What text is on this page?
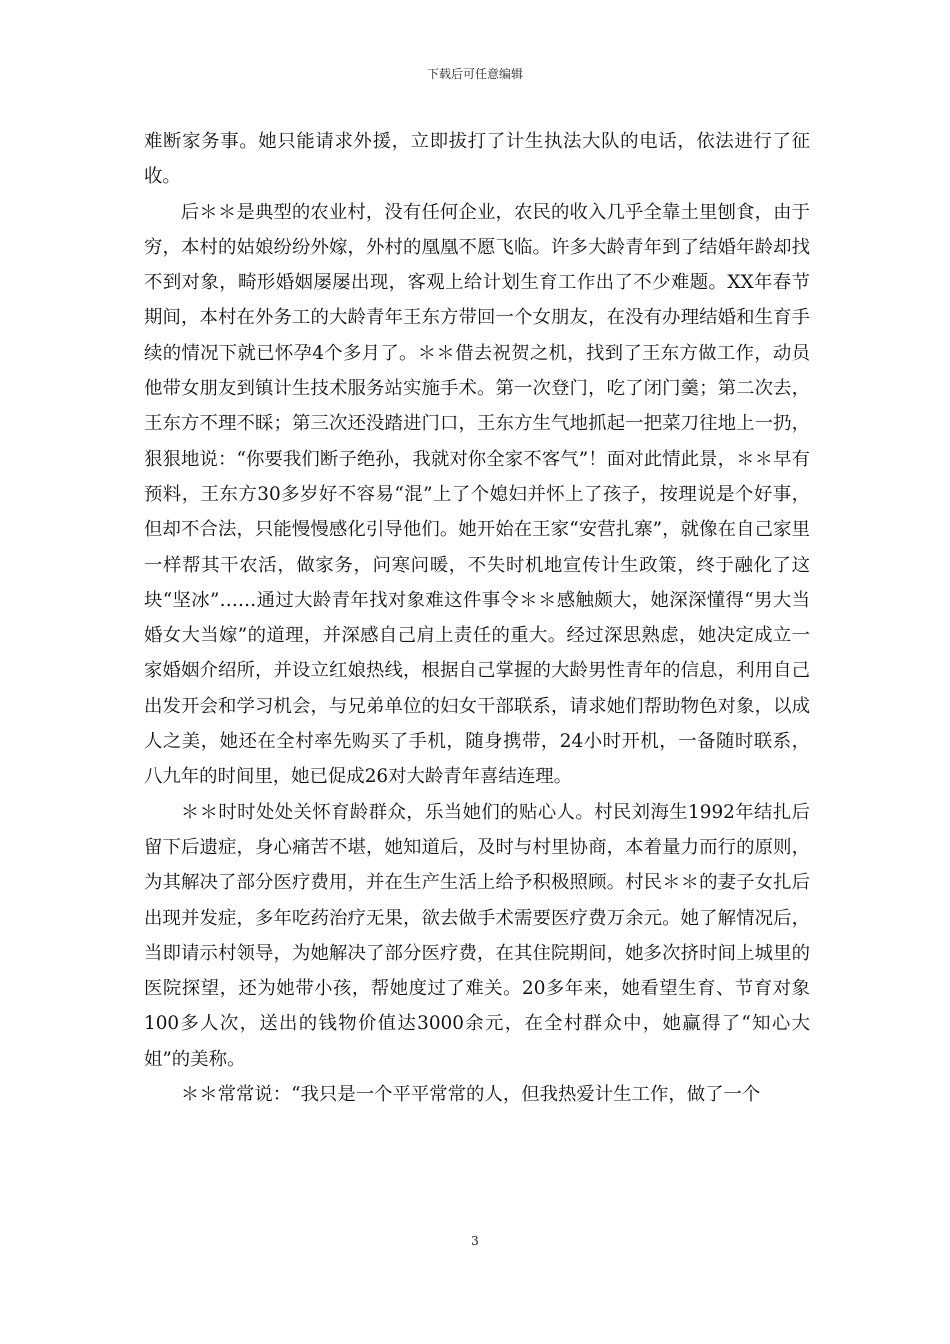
下载后可任意编辑

难断家务事。她只能请求外援，立即拔打了计生执法大队的电话，依法进行了征收。

后＊＊是典型的农业村，没有任何企业，农民的收入几乎全靠土里刨食，由于穷，本村的姑娘纷纷外嫁，外村的凰凰不愿飞临。许多大龄青年到了结婚年龄却找不到对象，畸形婚姻屡屡出现，客观上给计划生育工作出了不少难题。XX年春节期间，本村在外务工的大龄青年王东方带回一个女朋友，在没有办理结婚和生育手续的情况下就已怀孕4个多月了。＊＊借去祝贺之机，找到了王东方做工作，动员他带女朋友到镇计生技术服务站实施手术。第一次登门，吃了闭门羹；第二次去，王东方不理不睬；第三次还没踏进门口，王东方生气地抓起一把菜刀往地上一扔，狠狠地说：“你要我们断子绝孙，我就对你全家不客气”！面对此情此景，＊＊早有预料，王东方30多岁好不容易“混”上了个媳妇并怀上了孩子，按理说是个好事，但却不合法，只能慢慢感化引导他们。她开始在王家“安营扎寨”，就像在自己家里一样帮其干农活，做家务，问寒问暖，不失时机地宣传计生政策，终于融化了这块“坚冰”……通过大龄青年找对象难这件事令＊＊感触颇大，她深深懂得“男大当婚女大当嫁”的道理，并深感自己肩上责任的重大。经过深思熟虑，她决定成立一家婚姻介绍所，并设立红娘热线，根据自己掌握的大龄男性青年的信息，利用自己出发开会和学习机会，与兄弟单位的妇女干部联系，请求她们帮助物色对象，以成人之美，她还在全村率先购买了手机，随身携带，24小时开机，一备随时联系，八九年的时间里，她已促成26对大龄青年喜结连理。

＊＊时时处处关怀育龄群众，乐当她们的贴心人。村民刘海生1992年结扎后留下后遗症，身心痛苦不堪，她知道后，及时与村里协商，本着量力而行的原则，为其解决了部分医疗费用，并在生产生活上给予积极照顾。村民＊＊的妻子女扎后出现并发症，多年吃药治疗无果，欲去做手术需要医疗费万余元。她了解情况后，当即请示村领导，为她解决了部分医疗费，在其住院期间，她多次挤时间上城里的医院探望，还为她带小孩，帮她度过了难关。20多年来，她看望生育、节育对象100多人次，送出的钱物价值达3000余元，在全村群众中，她赢得了“知心大姐”的美称。

＊＊常常说：“我只是一个平平常常的人，但我热爱计生工作，做了一个

3
